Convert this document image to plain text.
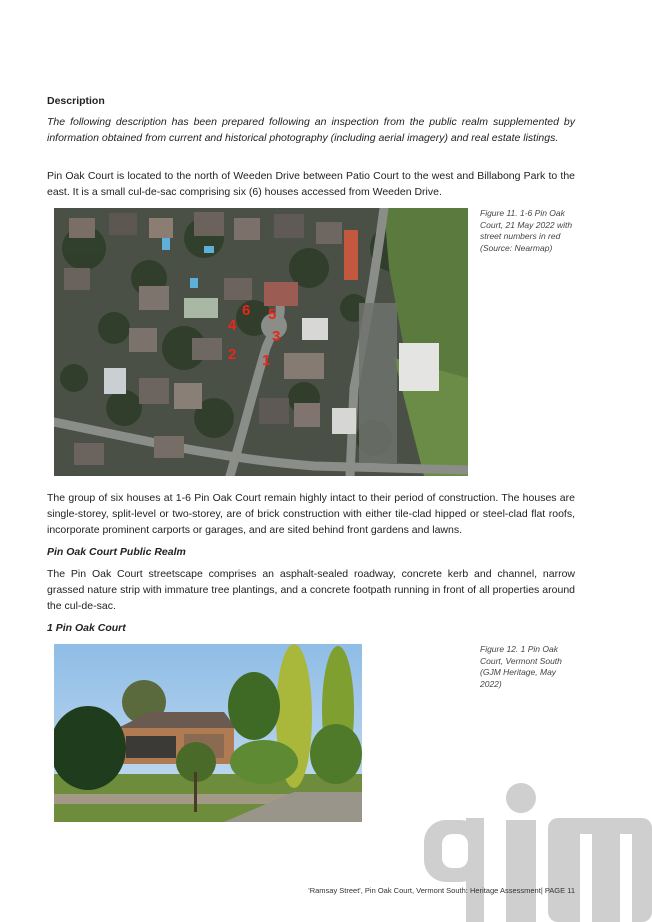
Description

The following description has been prepared following an inspection from the public realm supplemented by information obtained from current and historical photography (including aerial imagery) and real estate listings.

Pin Oak Court is located to the north of Weeden Drive between Patio Court to the west and Billabong Park to the east. It is a small cul-de-sac comprising six (6) houses accessed from Weeden Drive.

6 5
4
3
2 1

Figure 11. 1-6 Pin Oak Court, 21 May 2022 with street numbers in red (Source: Nearmap)

The group of six houses at 1-6 Pin Oak Court remain highly intact to their period of construction. The houses are single-storey, split-level or two-storey, are of brick construction with either tile-clad hipped or steel-clad flat roofs, incorporate prominent carports or garages, and are sited behind front gardens and lawns.

Pin Oak Court Public Realm

The Pin Oak Court streetscape comprises an asphalt-sealed roadway, concrete kerb and channel, narrow grassed nature strip with immature tree plantings, and a concrete footpath running in front of all properties around the cul-de-sac.

1 Pin Oak Court

Figure 12. 1 Pin Oak Court, Vermont South (GJM Heritage, May 2022)

'Ramsay Street', Pin Oak Court, Vermont South: Heritage Assessment| PAGE 11
